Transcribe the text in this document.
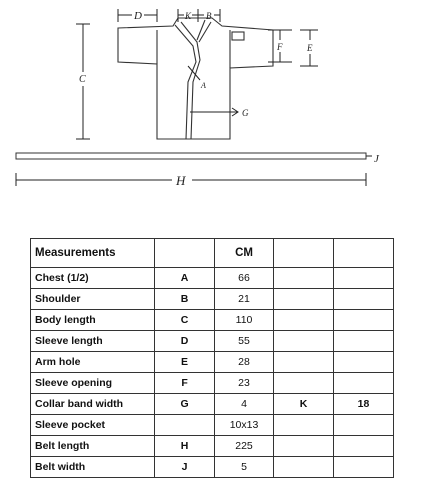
D	K B
C
F	E
A
G
J
H
Measurements		CM		
Chest (1/2)	A	66		
Shoulder	B	21		
Body length	C	110		
Sleeve length	D	55		
Arm hole	E	28		
Sleeve opening	F	23		
Collar band width	G	4	K	18
Sleeve pocket		10x13		
Belt length	H	225		
Belt width	J	5		
